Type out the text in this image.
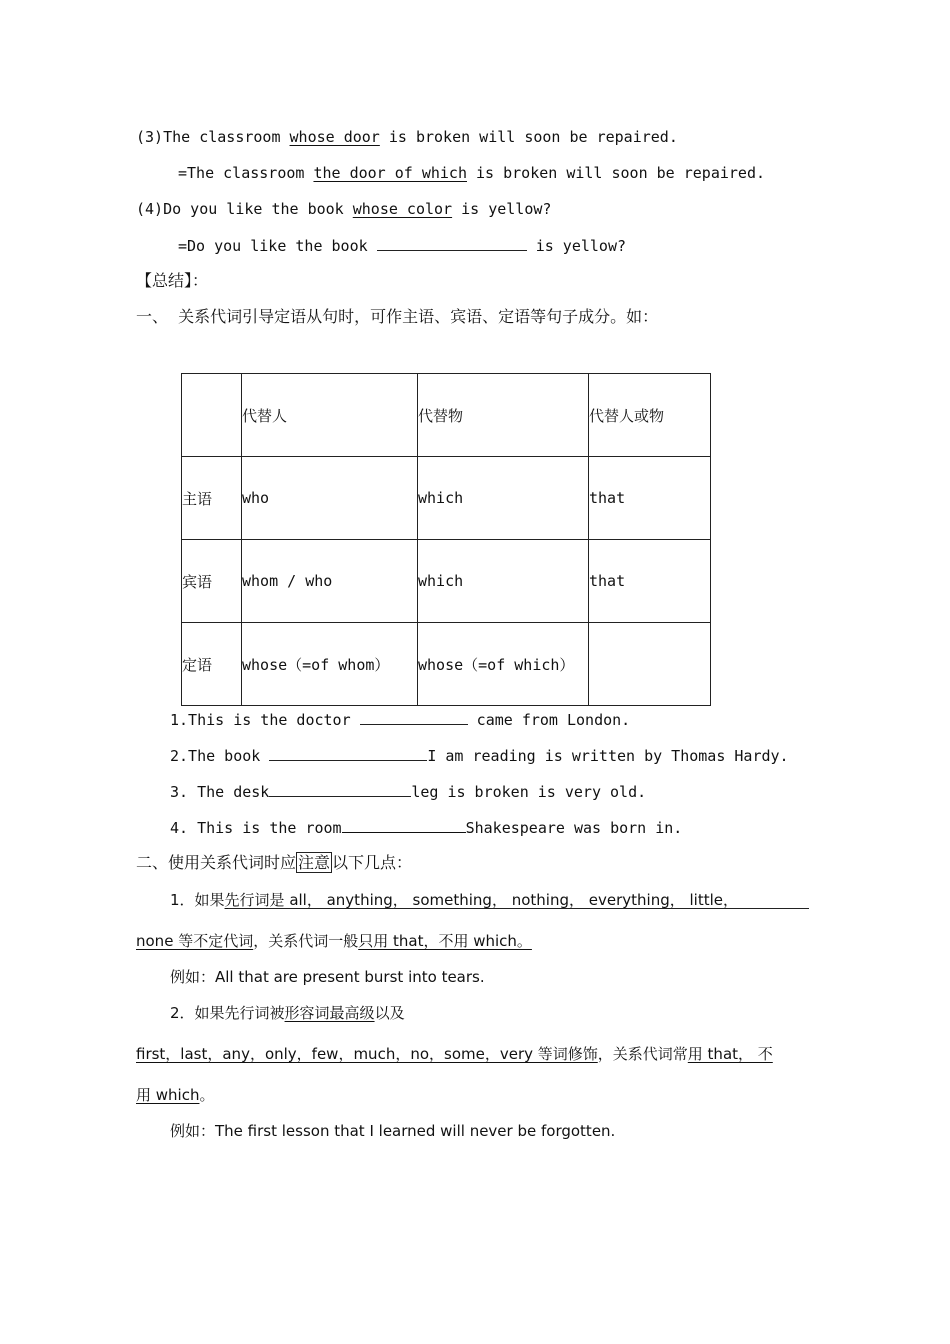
(3)The classroom whose door is broken will soon be repaired.
=The classroom the door of which is broken will soon be repaired.
(4)Do you like the book whose color is yellow?
=Do you like the book	is yellow?
【总结】：
一、  关系代词引导定语从句时，可作主语、宾语、定语等句子成分。如：
	代替人	代替物	代替人或物
主语	who	which	that
宾语	whom / who	which	that
定语	whose（=of whom）	whose（=of which）	
1.This is the doctor	came from London.
2.The book	I am reading is written by Thomas Hardy.
3. The desk	leg is broken is very old.
4. This is the room	Shakespeare was born in.
二、使用关系代词时应 注意 以下几点：
1．如果先行词是 all， anything， something， nothing， everything， little，
none 等不定代词，关系代词一般只用 that，不用 which。
例如：All that are present burst into tears.
2．如果先行词被形容词最高级以及
first，last，any，only，few，much，no，some，very 等词修饰，关系代词常用 that， 不
用 which。
例如：The first lesson that I learned will never be forgotten.
